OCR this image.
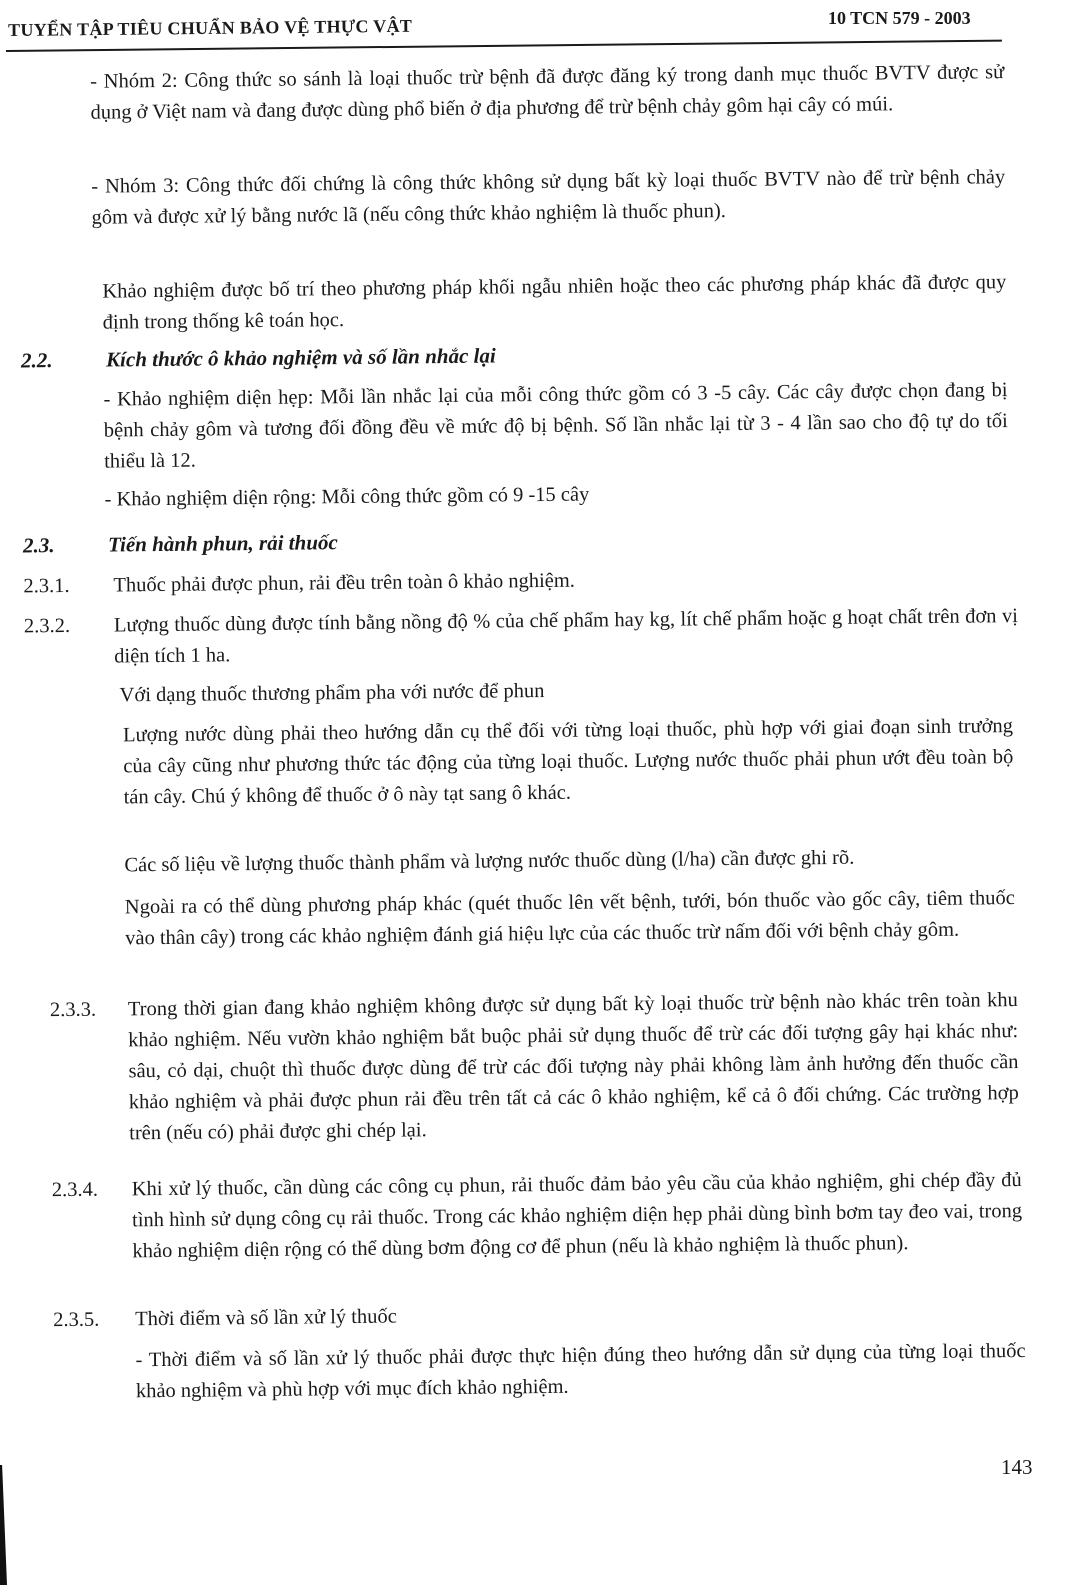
TUYỂN TẬP TIÊU CHUẨN BẢO VỆ THỰC VẬT	10 TCN 579 - 2003

- Nhóm 2: Công thức so sánh là loại thuốc trừ bệnh đã được đăng ký trong danh mục thuốc BVTV được sử dụng ở Việt nam và đang được dùng phổ biến ở địa phương để trừ bệnh chảy gôm hại cây có múi.

- Nhóm 3: Công thức đối chứng là công thức không sử dụng bất kỳ loại thuốc BVTV nào để trừ bệnh chảy gôm và được xử lý bằng nước lã (nếu công thức khảo nghiệm là thuốc phun).

Khảo nghiệm được bố trí theo phương pháp khối ngẫu nhiên hoặc theo các phương pháp khác đã được quy định trong thống kê toán học.

2.2.	Kích thước ô khảo nghiệm và số lần nhắc lại

- Khảo nghiệm diện hẹp: Mỗi lần nhắc lại của mỗi công thức gồm có 3 -5 cây. Các cây được chọn đang bị bệnh chảy gôm và tương đối đồng đều về mức độ bị bệnh. Số lần nhắc lại từ 3 - 4 lần sao cho độ tự do tối thiểu là 12.

- Khảo nghiệm diện rộng: Mỗi công thức gồm có 9 -15 cây

2.3.	Tiến hành phun, rải thuốc
2.3.1. Thuốc phải được phun, rải đều trên toàn ô khảo nghiệm.

2.3.2. Lượng thuốc dùng được tính bằng nồng độ % của chế phẩm hay kg, lít chế phẩm hoặc g hoạt chất trên đơn vị diện tích 1 ha.

Với dạng thuốc thương phẩm pha với nước để phun

Lượng nước dùng phải theo hướng dẫn cụ thể đối với từng loại thuốc, phù hợp với giai đoạn sinh trưởng của cây cũng như phương thức tác động của từng loại thuốc. Lượng nước thuốc phải phun ướt đều toàn bộ tán cây. Chú ý không để thuốc ở ô này tạt sang ô khác.

Các số liệu về lượng thuốc thành phẩm và lượng nước thuốc dùng (l/ha) cần được ghi rõ.

Ngoài ra có thể dùng phương pháp khác (quét thuốc lên vết bệnh, tưới, bón thuốc vào gốc cây, tiêm thuốc vào thân cây) trong các khảo nghiệm đánh giá hiệu lực của các thuốc trừ nấm đối với bệnh chảy gôm.

2.3.3. Trong thời gian đang khảo nghiệm không được sử dụng bất kỳ loại thuốc trừ bệnh nào khác trên toàn khu khảo nghiệm. Nếu vườn khảo nghiệm bắt buộc phải sử dụng thuốc để trừ các đối tượng gây hại khác như: sâu, cỏ dại, chuột thì thuốc được dùng để trừ các đối tượng này phải không làm ảnh hưởng đến thuốc cần khảo nghiệm và phải được phun rải đều trên tất cả các ô khảo nghiệm, kể cả ô đối chứng. Các trường hợp trên (nếu có) phải được ghi chép lại.

2.3.4. Khi xử lý thuốc, cần dùng các công cụ phun, rải thuốc đảm bảo yêu cầu của khảo nghiệm, ghi chép đầy đủ tình hình sử dụng công cụ rải thuốc. Trong các khảo nghiệm diện hẹp phải dùng bình bơm tay đeo vai, trong khảo nghiệm diện rộng có thể dùng bơm động cơ để phun (nếu là khảo nghiệm là thuốc phun).

2.3.5. Thời điểm và số lần xử lý thuốc

- Thời điểm và số lần xử lý thuốc phải được thực hiện đúng theo hướng dẫn sử dụng của từng loại thuốc khảo nghiệm và phù hợp với mục đích khảo nghiệm.

143
